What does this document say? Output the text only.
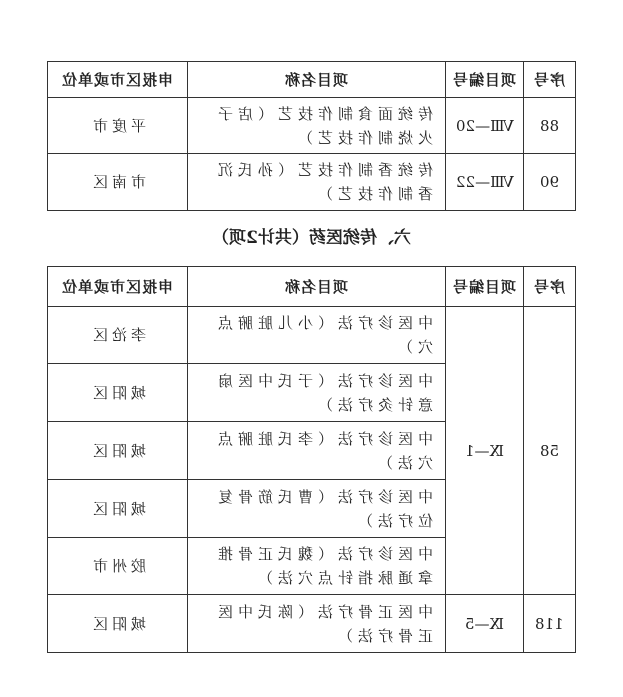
申报区市或单位	项目名称	项目编号	序号
平度市	传统面食制作技艺（店子火烧制作技艺）	Ⅷ—20	88
市南区	传统香制作技艺（孙氏沉香制作技艺）	Ⅷ—22	90
六、传统医药（共计2项）
申报区市或单位	项目名称	项目编号	序号
李沧区	中医诊疗法（小儿脏腑点穴）	Ⅸ—1	58
城阳区	中医诊疗法（于氏中医扇意针灸疗法）		
城阳区	中医诊疗法（李氏脏腑点穴法）		
城阳区	中医诊疗法（曹氏筋骨复位疗法）		
胶州市	中医诊疗法（魏氏正骨推拿通脉指针点穴法）		
城阳区	中医正骨疗法（陈氏中医正骨疗法）	Ⅸ—5	118
